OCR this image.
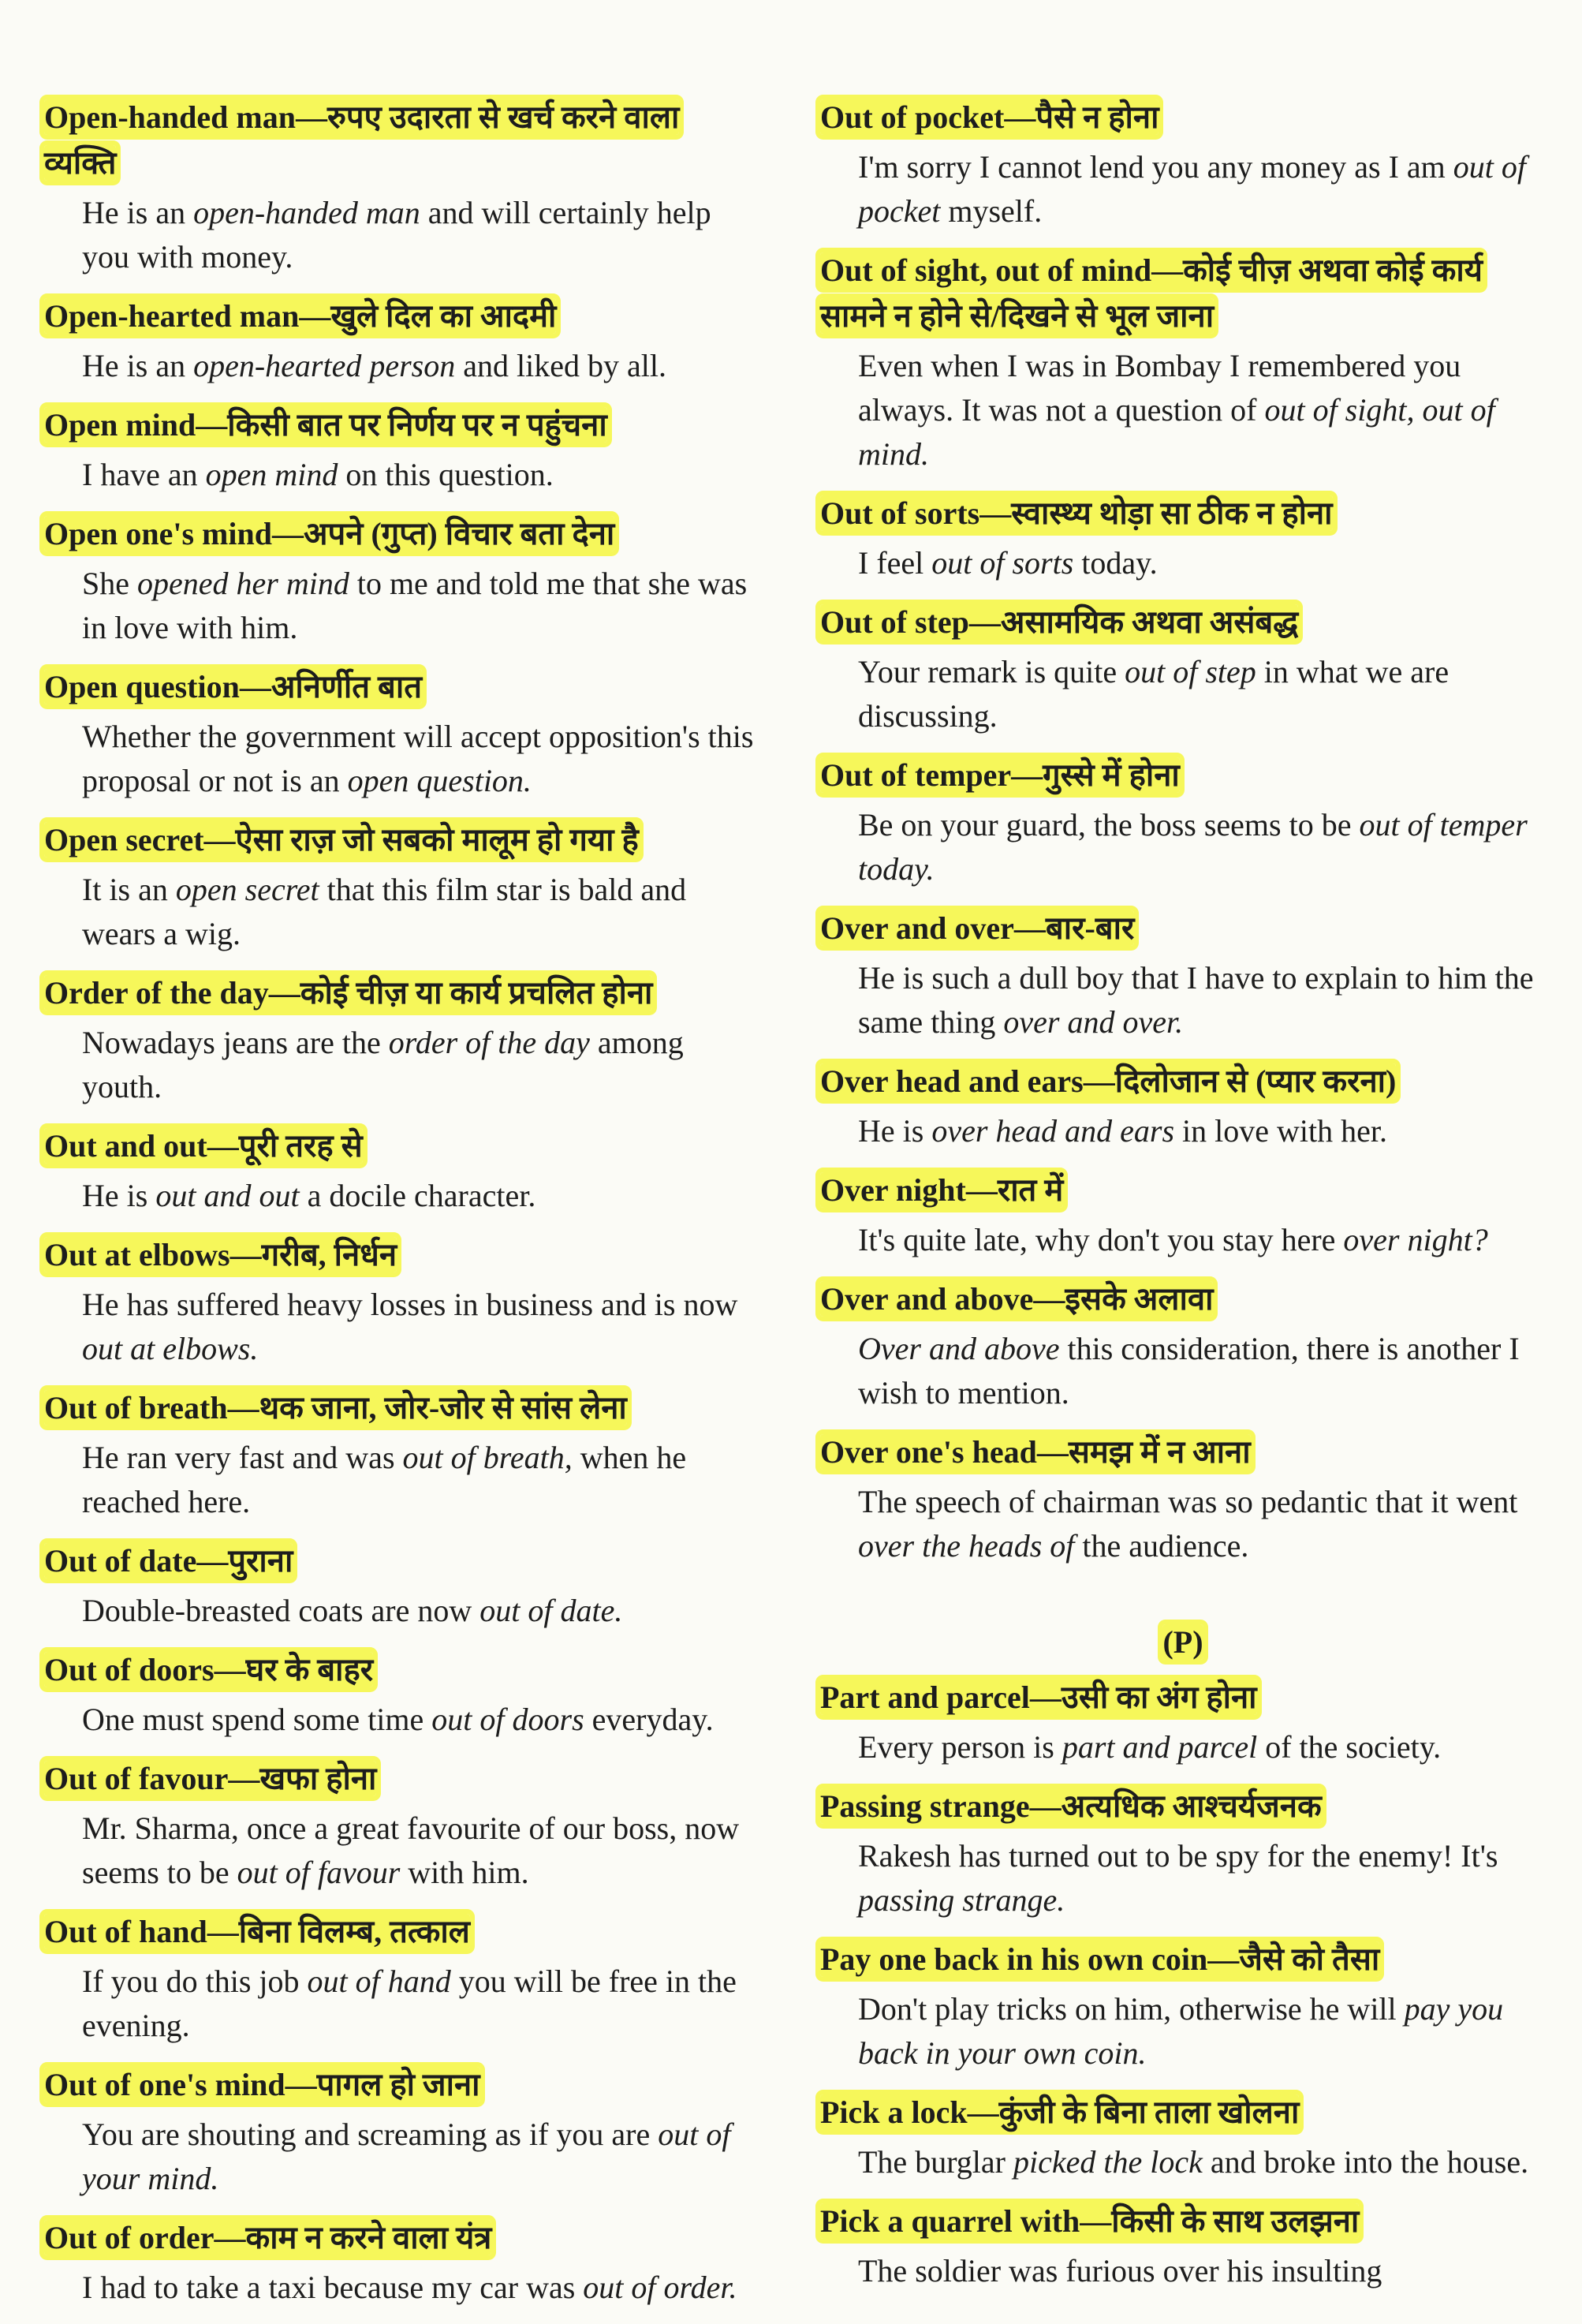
Open-handed man—रुपए उदारता से खर्च करने वाला व्यक्ति
He is an open-handed man and will certainly help you with money.
Open-hearted man—खुले दिल का आदमी
He is an open-hearted person and liked by all.
Open mind—किसी बात पर निर्णय पर न पहुंचना
I have an open mind on this question.
Open one's mind—अपने (गुप्त) विचार बता देना
She opened her mind to me and told me that she was in love with him.
Open question—अनिर्णीत बात
Whether the government will accept opposition's this proposal or not is an open question.
Open secret—ऐसा राज़ जो सबको मालूम हो गया है
It is an open secret that this film star is bald and wears a wig.
Order of the day—कोई चीज़ या कार्य प्रचलित होना
Nowadays jeans are the order of the day among youth.
Out and out—पूरी तरह से
He is out and out a docile character.
Out at elbows—गरीब, निर्धन
He has suffered heavy losses in business and is now out at elbows.
Out of breath—थक जाना, जोर-जोर से सांस लेना
He ran very fast and was out of breath, when he reached here.
Out of date—पुराना
Double-breasted coats are now out of date.
Out of doors—घर के बाहर
One must spend some time out of doors everyday.
Out of favour—खफा होना
Mr. Sharma, once a great favourite of our boss, now seems to be out of favour with him.
Out of hand—बिना विलम्ब, तत्काल
If you do this job out of hand you will be free in the evening.
Out of one's mind—पागल हो जाना
You are shouting and screaming as if you are out of your mind.
Out of order—काम न करने वाला यंत्र
I had to take a taxi because my car was out of order.
Out of pocket—पैसे न होना
I'm sorry I cannot lend you any money as I am out of pocket myself.
Out of sight, out of mind—कोई चीज़ अथवा कोई कार्य सामने न होने से/दिखने से भूल जाना
Even when I was in Bombay I remembered you always. It was not a question of out of sight, out of mind.
Out of sorts—स्वास्थ्य थोड़ा सा ठीक न होना
I feel out of sorts today.
Out of step—असामयिक अथवा असंबद्ध
Your remark is quite out of step in what we are discussing.
Out of temper—गुस्से में होना
Be on your guard, the boss seems to be out of temper today.
Over and over—बार-बार
He is such a dull boy that I have to explain to him the same thing over and over.
Over head and ears—दिलोजान से (प्यार करना)
He is over head and ears in love with her.
Over night—रात में
It's quite late, why don't you stay here over night?
Over and above—इसके अलावा
Over and above this consideration, there is another I wish to mention.
Over one's head—समझ में न आना
The speech of chairman was so pedantic that it went over the heads of the audience.
(P)
Part and parcel—उसी का अंग होना
Every person is part and parcel of the society.
Passing strange—अत्यधिक आश्चर्यजनक
Rakesh has turned out to be spy for the enemy! It's passing strange.
Pay one back in his own coin—जैसे को तैसा
Don't play tricks on him, otherwise he will pay you back in your own coin.
Pick a lock—कुंजी के बिना ताला खोलना
The burglar picked the lock and broke into the house.
Pick a quarrel with—किसी के साथ उलझना
The soldier was furious over his insulting
